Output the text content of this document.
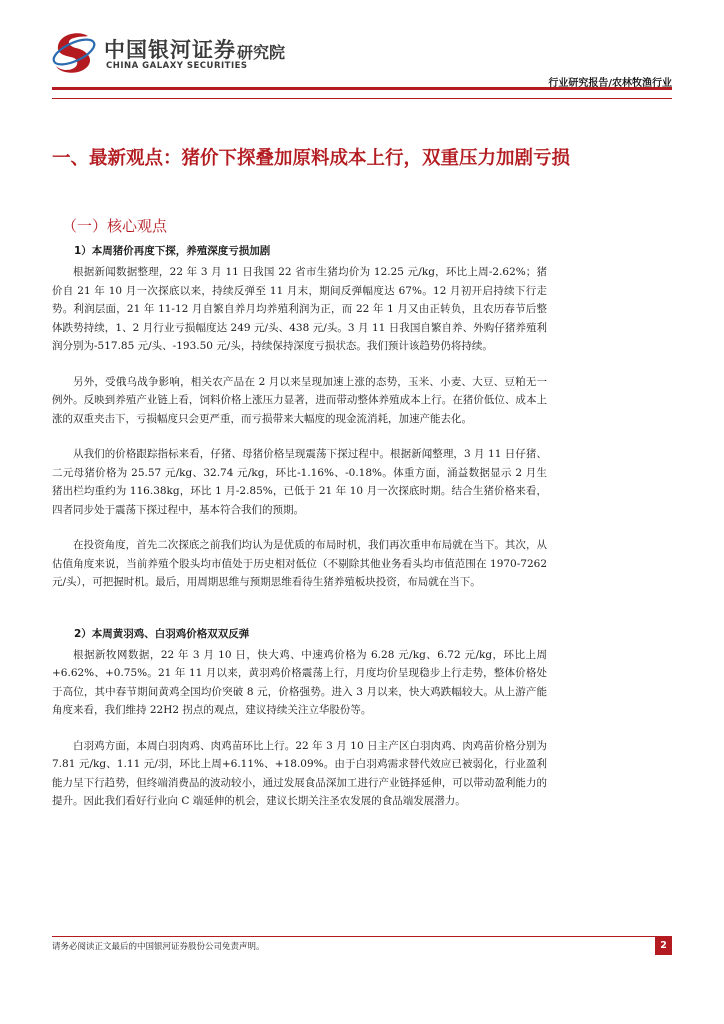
中国银河证券
CHINA GALAXY SECURITIES
研究院
行业研究报告/农林牧渔行业
一、最新观点：猪价下探叠加原料成本上行，双重压力加剧亏损
（一）核心观点
1）本周猪价再度下探，养殖深度亏损加剧

根据新闻数据整理，22 年 3 月 11 日我国 22 省市生猪均价为 12.25 元/kg，环比上周-2.62%；猪价自 21 年 10 月一次探底以来，持续反弹至 11 月末，期间反弹幅度达 67%。12 月初开启持续下行走势。利润层面，21 年 11-12 月自繁自养月均养殖利润为正，而 22 年 1 月又由正转负，且农历春节后整体跌势持续，1、2 月行业亏损幅度达 249 元/头、438 元/头。3 月 11 日我国自繁自养、外购仔猪养殖利润分别为-517.85 元/头、-193.50 元/头，持续保持深度亏损状态。我们预计该趋势仍将持续。

另外，受俄乌战争影响，相关农产品在 2 月以来呈现加速上涨的态势，玉米、小麦、大豆、豆粕无一例外。反映到养殖产业链上看，饲料价格上涨压力显著，进而带动整体养殖成本上行。在猪价低位、成本上涨的双重夹击下，亏损幅度只会更严重，而亏损带来大幅度的现金流消耗，加速产能去化。

从我们的价格跟踪指标来看，仔猪、母猪价格呈现震荡下探过程中。根据新闻整理，3 月 11 日仔猪、二元母猪价格为 25.57 元/kg、32.74 元/kg，环比-1.16%、-0.18%。体重方面，涌益数据显示 2 月生猪出栏均重约为 116.38kg，环比 1 月-2.85%，已低于 21 年 10 月一次探底时期。结合生猪价格来看，四者同步处于震荡下探过程中，基本符合我们的预期。

在投资角度，首先二次探底之前我们均认为是优质的布局时机，我们再次重申布局就在当下。其次，从估值角度来说，当前养殖个股头均市值处于历史相对低位（不剔除其他业务看头均市值范围在 1970-7262 元/头），可把握时机。最后，用周期思维与预期思维看待生猪养殖板块投资，布局就在当下。

2）本周黄羽鸡、白羽鸡价格双双反弹

根据新牧网数据，22 年 3 月 10 日，快大鸡、中速鸡价格为 6.28 元/kg、6.72 元/kg，环比上周+6.62%、+0.75%。21 年 11 月以来，黄羽鸡价格震荡上行，月度均价呈现稳步上行走势，整体价格处于高位，其中春节期间黄鸡全国均价突破 8 元，价格强势。进入 3 月以来，快大鸡跌幅较大。从上游产能角度来看，我们维持 22H2 拐点的观点，建议持续关注立华股份等。

白羽鸡方面，本周白羽肉鸡、肉鸡苗环比上行。22 年 3 月 10 日主产区白羽肉鸡、肉鸡苗价格分别为 7.81 元/kg、1.11 元/羽，环比上周+6.11%、+18.09%。由于白羽鸡需求替代效应已被弱化，行业盈利能力呈下行趋势，但终端消费品的波动较小，通过发展食品深加工进行产业链择延伸，可以带动盈利能力的提升。因此我们看好行业向 C 端延伸的机会，建议长期关注圣农发展的食品端发展潜力。

请务必阅读正文最后的中国银河证券股份公司免责声明。	2
